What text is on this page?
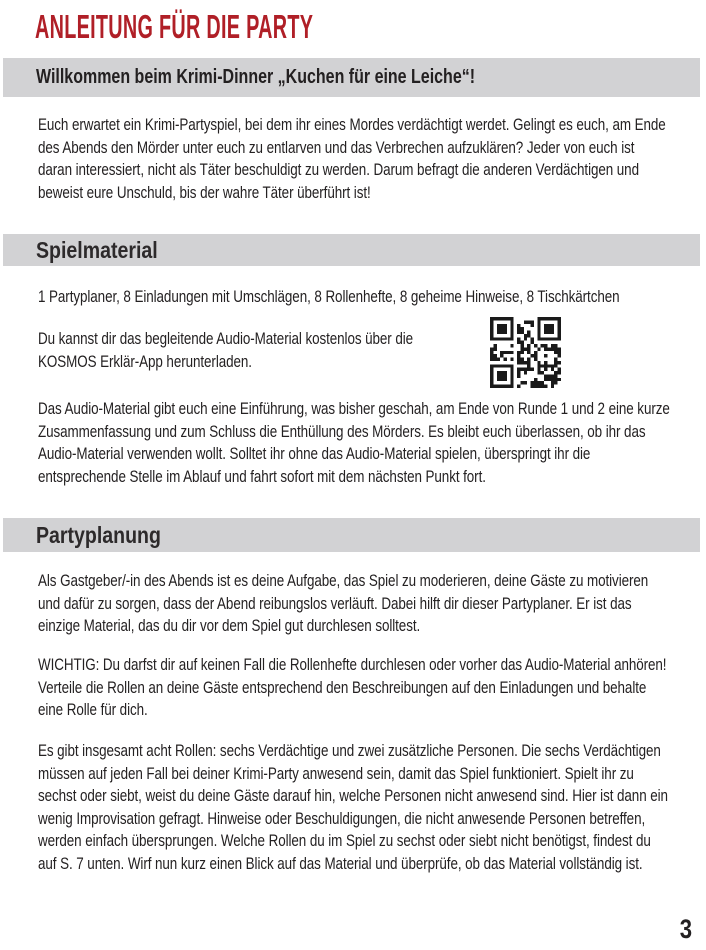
ANLEITUNG FÜR DIE PARTY
Willkommen beim Krimi-Dinner „Kuchen für eine Leiche“!

Euch erwartet ein Krimi-Partyspiel, bei dem ihr eines Mordes verdächtigt werdet. Gelingt es euch, am Ende des Abends den Mörder unter euch zu entlarven und das Verbrechen aufzuklären? Jeder von euch ist daran interessiert, nicht als Täter beschuldigt zu werden. Darum befragt die anderen Verdächtigen und beweist eure Unschuld, bis der wahre Täter überführt ist!

Spielmaterial

1 Partyplaner, 8 Einladungen mit Umschlägen, 8 Rollenhefte, 8 geheime Hinweise, 8 Tischkärtchen

Du kannst dir das begleitende Audio-Material kostenlos über die KOSMOS Erklär-App herunterladen.

Das Audio-Material gibt euch eine Einführung, was bisher geschah, am Ende von Runde 1 und 2 eine kurze Zusammenfassung und zum Schluss die Enthüllung des Mörders. Es bleibt euch überlassen, ob ihr das Audio-Material verwenden wollt. Solltet ihr ohne das Audio-Material spielen, überspringt ihr die entsprechende Stelle im Ablauf und fahrt sofort mit dem nächsten Punkt fort.

Partyplanung

Als Gastgeber/-in des Abends ist es deine Aufgabe, das Spiel zu moderieren, deine Gäste zu motivieren und dafür zu sorgen, dass der Abend reibungslos verläuft. Dabei hilft dir dieser Partyplaner. Er ist das einzige Material, das du dir vor dem Spiel gut durchlesen solltest.

WICHTIG: Du darfst dir auf keinen Fall die Rollenhefte durchlesen oder vorher das Audio-Material anhören! Verteile die Rollen an deine Gäste entsprechend den Beschreibungen auf den Einladungen und behalte eine Rolle für dich.

Es gibt insgesamt acht Rollen: sechs Verdächtige und zwei zusätzliche Personen. Die sechs Verdächtigen müssen auf jeden Fall bei deiner Krimi-Party anwesend sein, damit das Spiel funktioniert. Spielt ihr zu sechst oder siebt, weist du deine Gäste darauf hin, welche Personen nicht anwesend sind. Hier ist dann ein wenig Improvisation gefragt. Hinweise oder Beschuldigungen, die nicht anwesende Personen betreffen, werden einfach übersprungen. Welche Rollen du im Spiel zu sechst oder siebt nicht benötigst, findest du auf S. 7 unten. Wirf nun kurz einen Blick auf das Material und überprüfe, ob das Material vollständig ist.

3
